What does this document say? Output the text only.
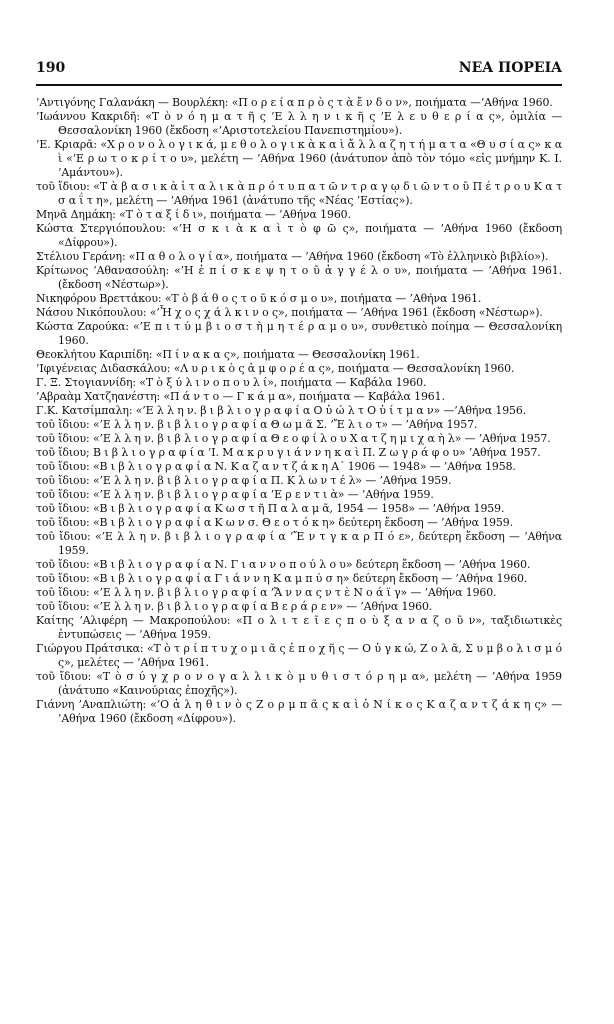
190	ΝΕΑ ΠΟΡΕΙΑ

’Αντιγόνης Γαλανάκη — Βουρλέκη: «Π ο ρ ε ί α π ρ ὸ ς τ ὰ ἔ ν δ ο ν», ποιήματα —’Αθήνα 1960.

’Ιωάννου Κακριδῆ: «Τ ὸ ν ό η μ α τ ῆ ς ’Ε λ λ η ν ι κ ῆ ς ’Ε λ ε υ θ ε ρ ί α ς», ὁμιλία — Θεσσαλονίκη 1960 (ἔκδοση «’Αριστοτελείου Πανεπιστημίου»).

’Ε. Κριαρᾶ: «Χ ρ ο ν ο λ ο γ ι κ ά, μ ε θ ο λ ο γ ι κ ὰ κ α ὶ ἄ λ λ α ζ η τ ή μ α τ α «Θ υ σ ί α ς» κ α ὶ «’Ε ρ ω τ ο κ ρ ί τ ο υ», μελέτη — ’Αθήνα 1960 (ἀνάτυπον ἀπὸ τὸν τόμο «εἰς μνήμην Κ. Ι. ’Αμάντου»).

τοῦ ἴδιου: «Τ ὰ β α σ ι κ ὰ ἰ τ α λ ι κ ὰ π ρ ό τ υ π α τ ῶ ν τ ρ α γ ῳ δ ι ῶ ν τ ο ῦ Π έ τ ρ ο υ Κ α τ σ α ΐ τ η», μελέτη — ’Αθήνα 1961 (ἀνάτυπο τῆς «Νέας ’Εστίας»).

Μηνᾶ Δημάκη: «Τ ὸ τ α ξ ί δ ι», ποιήματα — ’Αθήνα 1960.

Κώστα Στεργιόπουλου: «’Η σ κ ι ὰ κ α ὶ τ ὸ φ ῶ ς», ποιήματα — ’Αθήνα 1960 (ἔκδοση «Δίφρου»).

Στέλιου Γεράνη: «Π α θ ο λ ο γ ί α», ποιήματα — ’Αθήνα 1960 (ἔκδοση «Τὸ ἑλληνικὸ βιβλίο»).

Κρίτωνος ’Αθανασούλη: «’Η ἐ π ί σ κ ε ψ η τ ο ῦ ἀ γ γ έ λ ο υ», ποιήματα — ’Αθήνα 1961. (ἔκδοση «Νέστωρ»).

Νικηφόρου Βρεττάκου: «Τ ὸ β ά θ ο ς τ ο ῦ κ ό σ μ ο υ», ποιήματα — ’Αθήνα 1961.

Νάσου Νικόπουλου: «’Ἦ χ ο ς χ ά λ κ ι ν ο ς», ποιήματα — ’Αθήνα 1961 (ἔκδοση «Νέστωρ»).

Κώστα Ζαρούκα: «’Ε π ι τ ύ μ β ι ο σ τ ὴ μ η τ έ ρ α μ ο υ», συνθετικὸ ποίημα — Θεσσαλονίκη 1960.

Θεοκλήτου Καριπίδη: «Π ί ν α κ α ς», ποιήματα — Θεσσαλονίκη 1961.

’Ιφιγένειας Διδασκάλου: «Λ υ ρ ι κ ὸ ς ἀ μ φ ο ρ έ α ς», ποιήματα — Θεσσαλονίκη 1960.

Γ. Ξ. Στογιαννίδη: «Τ ὸ ξ ύ λ ι ν ο π ο υ λ ί», ποιήματα — Καβάλα 1960.

’Αβραὰμ Χατζηανέστη: «Π ά ν τ ο — Γ κ ά μ α», ποιήματα — Καβάλα 1961.

Γ.Κ. Κατσίμπαλη: «’Ε λ λ η ν. β ι β λ ι ο γ ρ α φ ί α Ο ὐ ώ λ τ Ο ὐ ί τ μ α ν» —’Αθήνα 1956.

τοῦ ἴδιου: «’Ε λ λ η ν. β ι β λ ι ο γ ρ α φ ί α Θ ω μ ᾶ Σ. ’Ἔ λ ι ο τ» — ’Αθήνα 1957.

τοῦ ἴδιου: «’Ε λ λ η ν. β ι β λ ι ο γ ρ α φ ί α Θ ε ο φ ί λ ο υ Χ α τ ζ η μ ι χ α ὴ λ» — ’Αθήνα 1957.

τοῦ ἴδιου; Β ι β λ ι ο γ ρ α φ ί α ’Ι. Μ α κ ρ υ γ ι ά ν ν η κ α ὶ Π. Ζ ω γ ρ ά φ ο υ» ’Αθήνα 1957.

τοῦ ἴδιου: «Β ι β λ ι ο γ ρ α φ ί α Ν. Κ α ζ α ν τ ζ ά κ η Α΄ 1906 — 1948» — ’Αθήνα 1958.

τοῦ ἴδιου: «’Ε λ λ η ν. β ι β λ ι ο γ ρ α φ ί α Π. Κ λ ω ν τ έ λ» — ’Αθήνα 1959.

τοῦ ἴδιου: «’Ε λ λ η ν. β ι β λ ι ο γ ρ α φ ί α ’Ε ρ ε ν τ ι ὰ» — ’Αθήνα 1959.

τοῦ ἴδιου: «Β ι β λ ι ο γ ρ α φ ί α Κ ω σ τ ῆ Π α λ α μ ᾶ, 1954 — 1958» — ’Αθήνα 1959.

τοῦ ἴδιου: «Β ι β λ ι ο γ ρ α φ ί α Κ ω ν σ. Θ ε ο τ ό κ η» δεύτερη ἔκδοση — ’Αθήνα 1959.

τοῦ ἴδιου: «’Ε λ λ η ν. β ι β λ ι ο γ ρ α φ ί α ’Ἔ ν τ γ κ α ρ Π ό ε», δεύτερη ἔκδοση — ’Αθήνα 1959.

τοῦ ἴδιου: «Β ι β λ ι ο γ ρ α φ ί α Ν. Γ ι α ν ν ο π ο ύ λ ο υ» δεύτερη ἔκδοση — ’Αθήνα 1960.

τοῦ ἴδιου: «Β ι β λ ι ο γ ρ α φ ί α Γ ι ά ν ν η Κ α μ π ύ σ η» δεύτερη ἔκδοση — ’Αθήνα 1960.

τοῦ ἴδιου: «’Ε λ λ η ν. β ι β λ ι ο γ ρ α φ ί α ’Ἄ ν ν α ς ν τ ὲ Ν ο ά ϊ γ» — ’Αθήνα 1960.

τοῦ ἴδιου: «’Ε λ λ η ν. β ι β λ ι ο γ ρ α φ ί α Β ε ρ ά ρ ε ν» — ’Αθήνα 1960.

Καίτης ’Αλιφέρη — Μακροπούλου: «Π ο λ ι τ ε ῖ ε ς π ο ὺ ξ α ν α ζ ο ῦ ν», ταξιδιωτικὲς ἐντυπώσεις — ’Αθήνα 1959.

Γιώργου Πράτσικα: «Τ ὸ τ ρ ί π τ υ χ ο μ ι ᾶ ς ἐ π ο χ ῆ ς — Ο ὐ γ κ ώ, Ζ ο λ ᾶ, Σ υ μ β ο λ ι σ μ ό ς», μελέτες — ’Αθήνα 1961.

τοῦ ἴδιου: «Τ ὸ σ ύ γ χ ρ ο ν ο γ α λ λ ι κ ὸ μ υ θ ι σ τ ό ρ η μ α», μελέτη — ’Αθήνα 1959 (ἀνάτυπο «Καινούριας ἐποχῆς»).

Γιάννη ’Αναπλιώτη: «’Ο ἀ λ η θ ι ν ὸ ς Ζ ο ρ μ π ᾶ ς κ α ὶ ὁ Ν ί κ ο ς Κ α ζ α ν τ ζ ά κ η ς» — ’Αθήνα 1960 (ἔκδοση «Δίφρου»).
